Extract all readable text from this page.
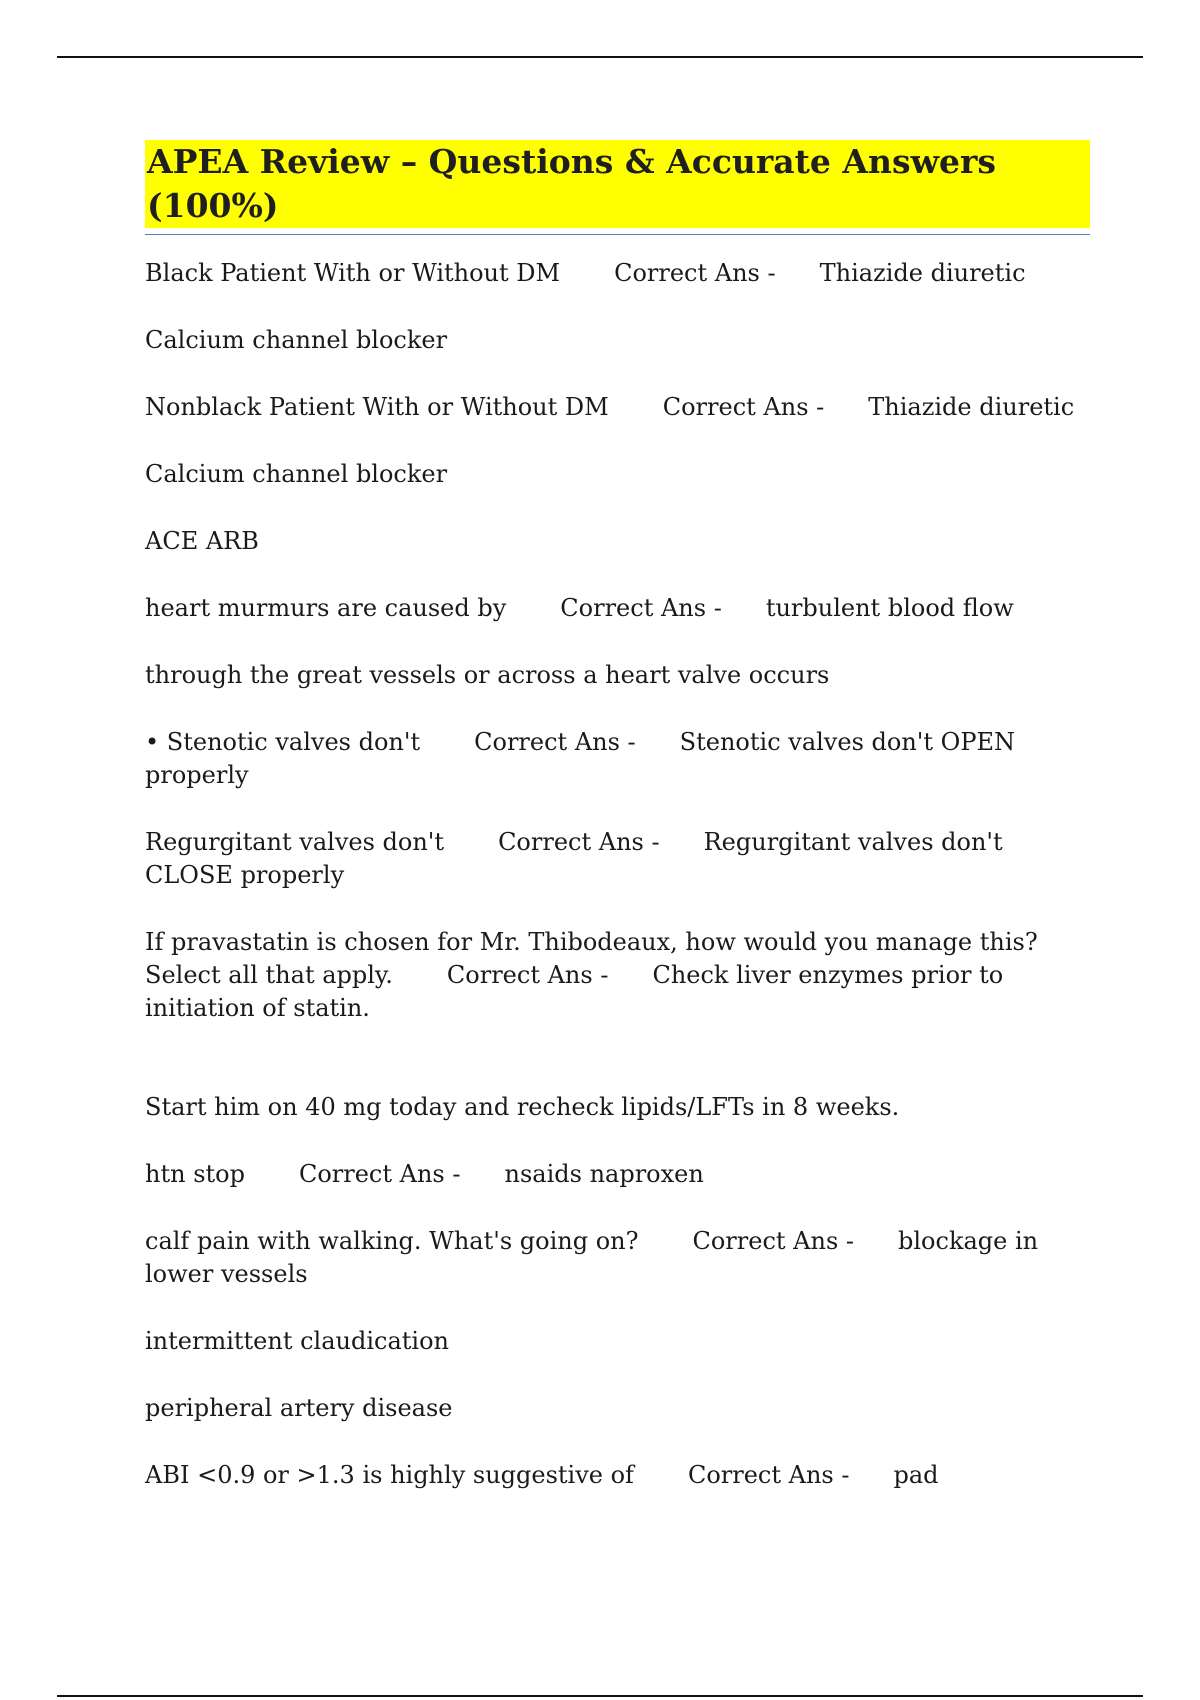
APEA Review – Questions & Accurate Answers (100%)

Black Patient With or Without DM Correct Ans - Thiazide diuretic

Calcium channel blocker

Nonblack Patient With or Without DM Correct Ans - Thiazide diuretic

Calcium channel blocker

ACE ARB

heart murmurs are caused by Correct Ans - turbulent blood flow

through the great vessels or across a heart valve occurs

• Stenotic valves don't Correct Ans - Stenotic valves don't OPEN properly

Regurgitant valves don't Correct Ans - Regurgitant valves don't CLOSE properly

If pravastatin is chosen for Mr. Thibodeaux, how would you manage this? Select all that apply. Correct Ans - Check liver enzymes prior to initiation of statin.

Start him on 40 mg today and recheck lipids/LFTs in 8 weeks.

htn stop Correct Ans - nsaids naproxen

calf pain with walking. What's going on? Correct Ans - blockage in lower vessels

intermittent claudication

peripheral artery disease

ABI <0.9 or >1.3 is highly suggestive of Correct Ans - pad
